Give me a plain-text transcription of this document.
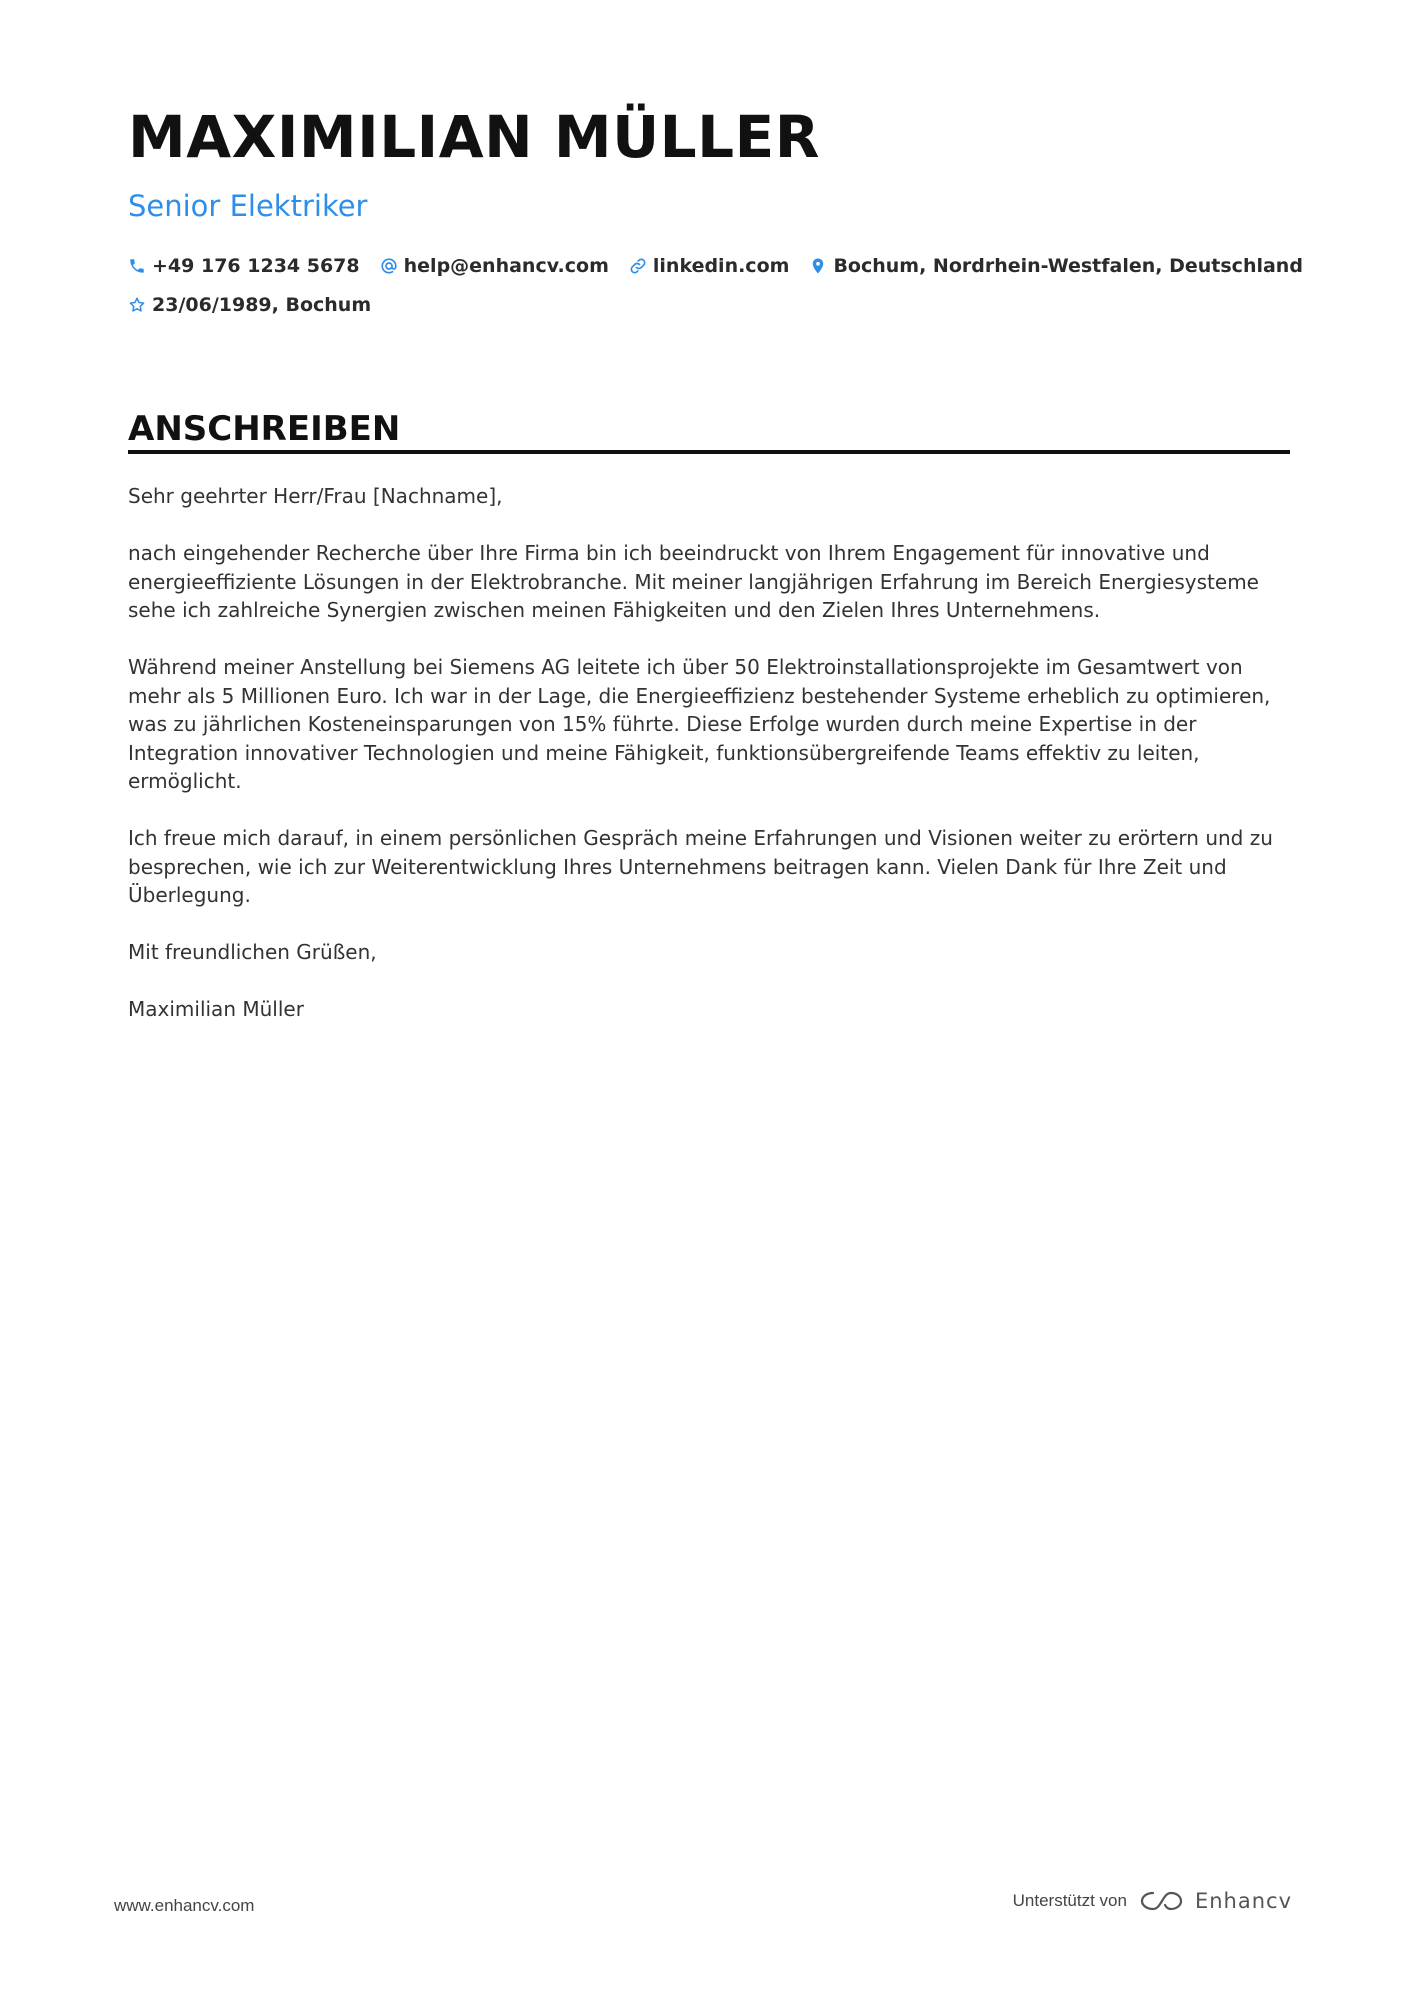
MAXIMILIAN MÜLLER
Senior Elektriker
+49 176 1234 5678 help@enhancv.com linkedin.com Bochum, Nordrhein-Westfalen, Deutschland
23/06/1989, Bochum
ANSCHREIBEN

Sehr geehrter Herr/Frau [Nachname],

nach eingehender Recherche über Ihre Firma bin ich beeindruckt von Ihrem Engagement für innovative und energieeffiziente Lösungen in der Elektrobranche. Mit meiner langjährigen Erfahrung im Bereich Energiesysteme sehe ich zahlreiche Synergien zwischen meinen Fähigkeiten und den Zielen Ihres Unternehmens.

Während meiner Anstellung bei Siemens AG leitete ich über 50 Elektroinstallationsprojekte im Gesamtwert von mehr als 5 Millionen Euro. Ich war in der Lage, die Energieeffizienz bestehender Systeme erheblich zu optimieren, was zu jährlichen Kosteneinsparungen von 15% führte. Diese Erfolge wurden durch meine Expertise in der Integration innovativer Technologien und meine Fähigkeit, funktionsübergreifende Teams effektiv zu leiten, ermöglicht.

Ich freue mich darauf, in einem persönlichen Gespräch meine Erfahrungen und Visionen weiter zu erörtern und zu besprechen, wie ich zur Weiterentwicklung Ihres Unternehmens beitragen kann. Vielen Dank für Ihre Zeit und Überlegung.

Mit freundlichen Grüßen,

Maximilian Müller

www.enhancv.com	Unterstützt von	Enhancv
